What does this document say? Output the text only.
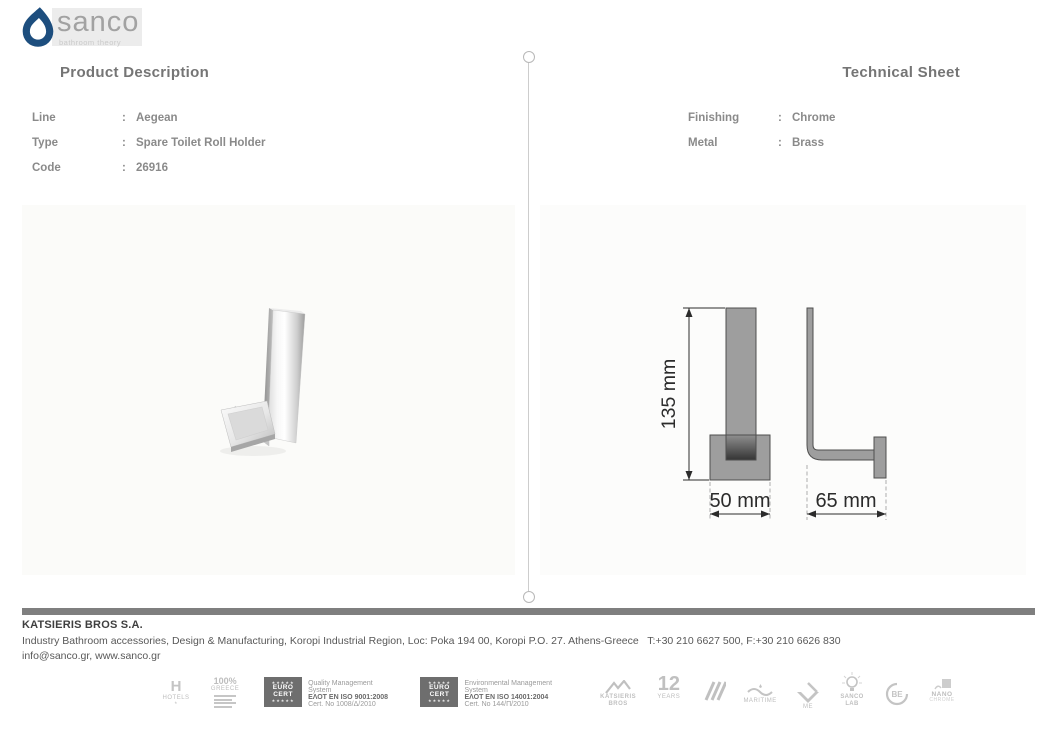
sanco
bathroom theory
Product Description	Technical Sheet
Line	: Aegean
Type	: Spare Toilet Roll Holder
Code	: 26916
Finishing	: Chrome
Metal	: Brass
135 mm
50 mm 65 mm
KATSIERIS BROS S.A.
Industry Bathroom accessories, Design & Manufacturing, Koropi Industrial Region, Loc: Poka 194 00, Koropi P.O. 27. Athens-Greece   T:+30 210 6627 500, F:+30 210 6626 830
info@sanco.gr, www.sanco.gr
H
HOTELS
*
100%
GREECE
★★★★★
EURO
CERT
★★★★★
Quality Management System
ΕΛΟΤ EN ISO 9001:2008
Cert. No 1008/Δ/2010
★★★★★
EURO
CERT
★★★★★
Environmental Management System
ΕΛΟΤ EN ISO 14001:2004
Cert. No 144/Π/2010
KATSIERIS
BROS
12
YEARS
MARITIME
ME
SANCO
LAB
BE	NANO
CHROME
